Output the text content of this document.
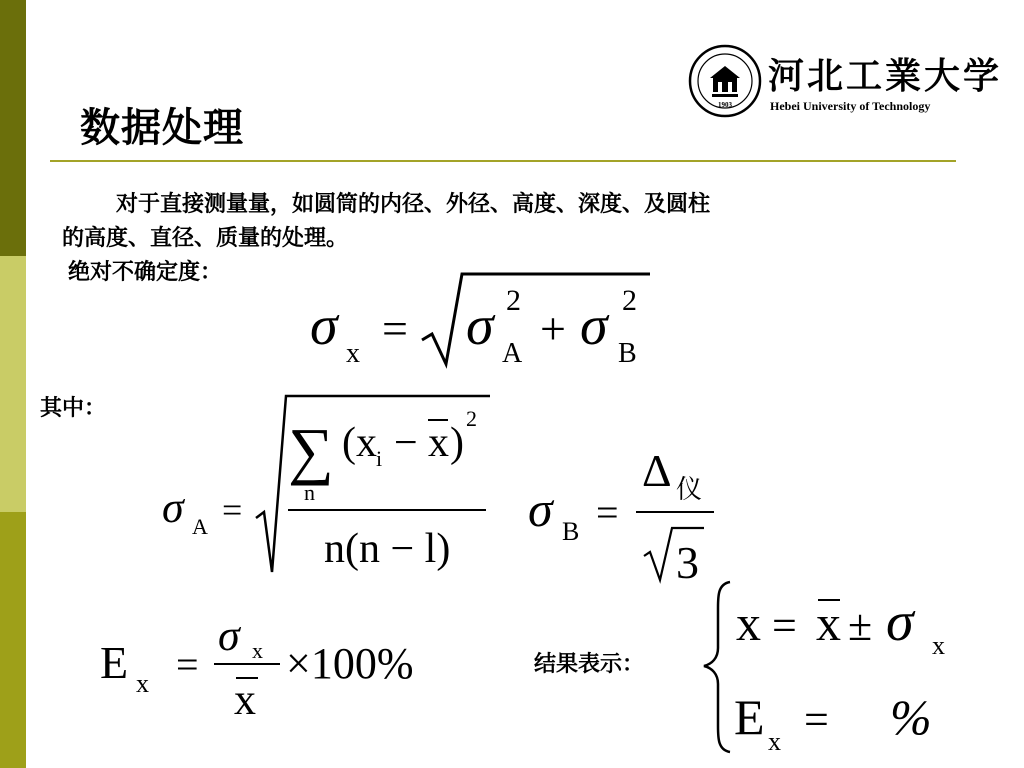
数据处理	1903
河北工業大学
Hebei University of Technology
对于直接测量量，如圆筒的内径、外径、高度、深度、及圆柱
的高度、直径、质量的处理。
绝对不确定度：
其中：
结果表示：
σ x = σ 2
A + σ 2
B
σ A =
∑
n
( x i − x )
2
n(n − l)
σ B =
Δ 仪
3
E x =
σ x
x
×100%
x = x ± σ x
E x = %
